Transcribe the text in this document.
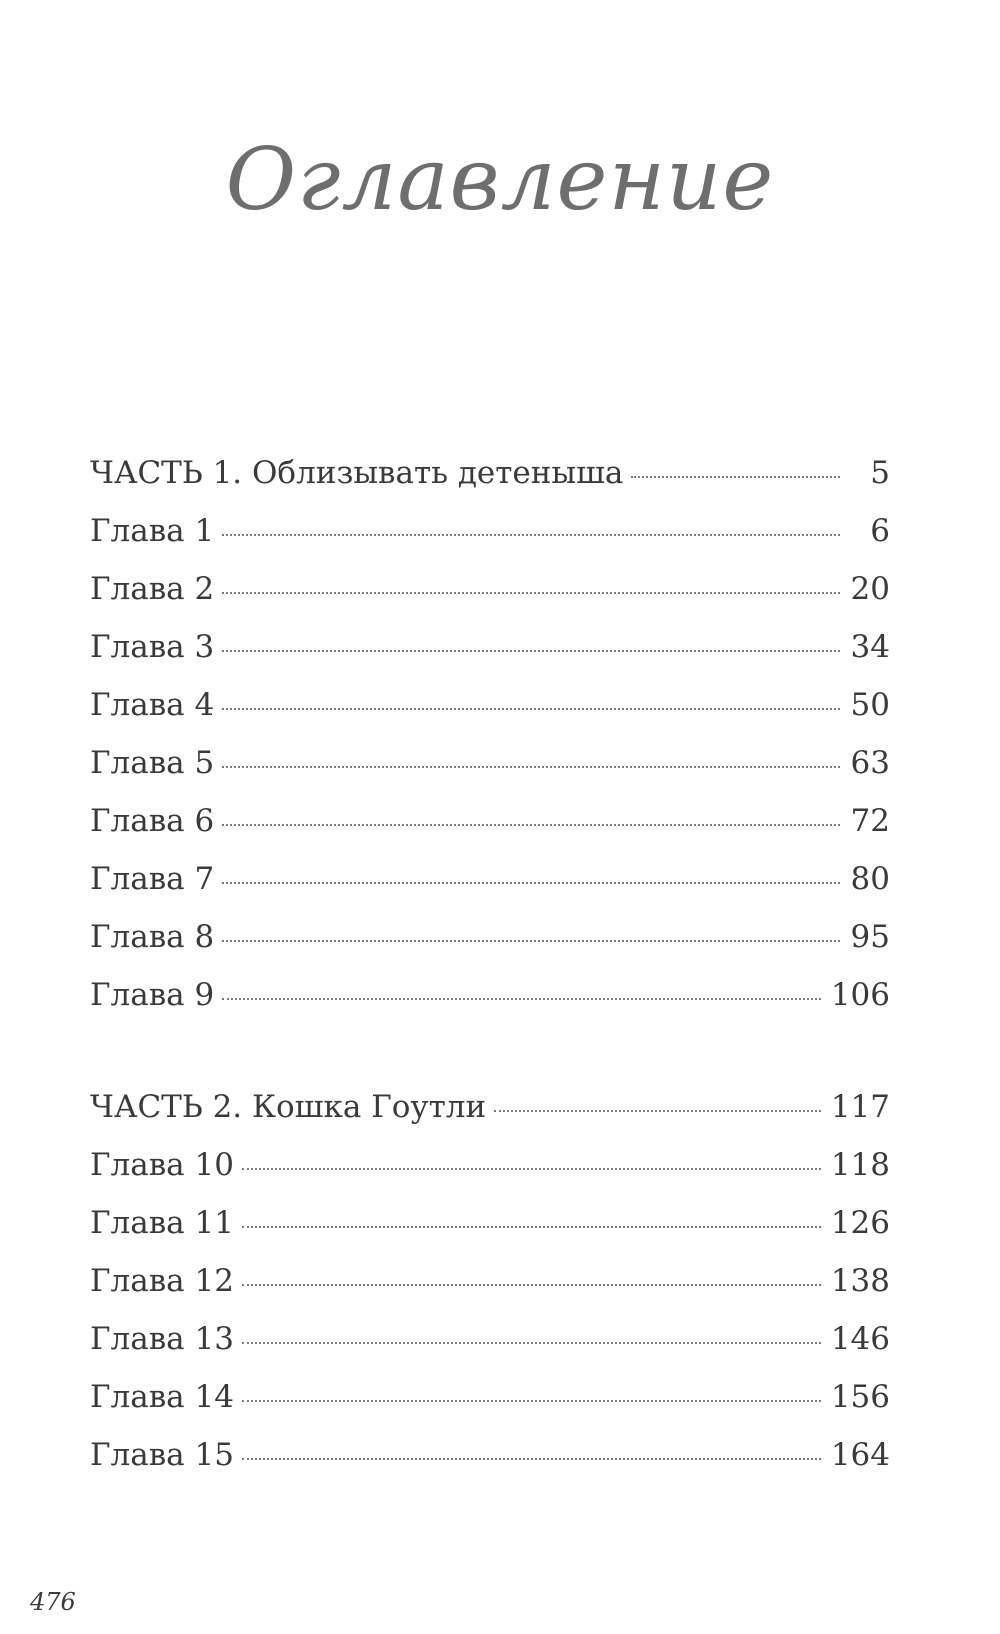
Оглавление
ЧАСТЬ 1. Облизывать детеныша	5
Глава 1	6
Глава 2	20
Глава 3	34
Глава 4	50
Глава 5	63
Глава 6	72
Глава 7	80
Глава 8	95
Глава 9	106
ЧАСТЬ 2. Кошка Гоутли	117
Глава 10	118
Глава 11	126
Глава 12	138
Глава 13	146
Глава 14	156
Глава 15	164
476
